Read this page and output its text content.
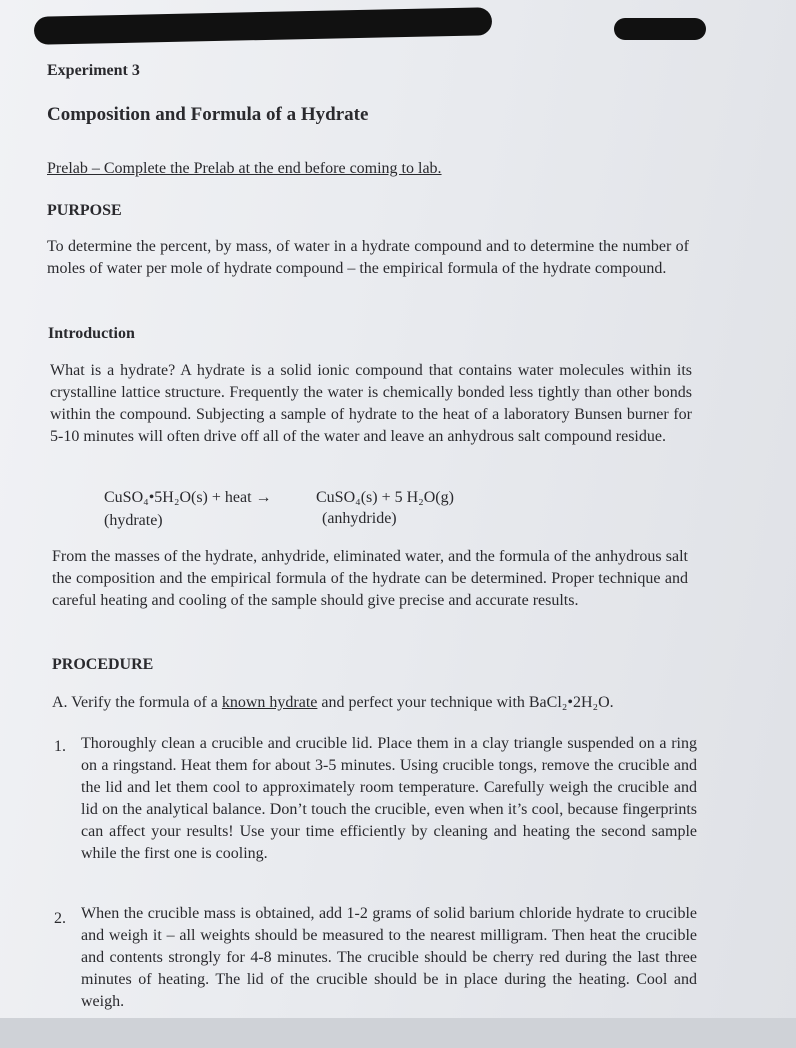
Experiment 3
Composition and Formula of a Hydrate
Prelab – Complete the Prelab at the end before coming to lab.
PURPOSE
To determine the percent, by mass, of water in a hydrate compound and to determine the number of moles of water per mole of hydrate compound – the empirical formula of the hydrate compound.
Introduction
What is a hydrate? A hydrate is a solid ionic compound that contains water molecules within its crystalline lattice structure. Frequently the water is chemically bonded less tightly than other bonds within the compound. Subjecting a sample of hydrate to the heat of a laboratory Bunsen burner for 5-10 minutes will often drive off all of the water and leave an anhydrous salt compound residue.
CuSO₄•5H₂O(s) + heat →	CuSO₄(s) + 5 H₂O(g)
(hydrate)	(anhydride)
From the masses of the hydrate, anhydride, eliminated water, and the formula of the anhydrous salt the composition and the empirical formula of the hydrate can be determined. Proper technique and careful heating and cooling of the sample should give precise and accurate results.
PROCEDURE
A. Verify the formula of a known hydrate and perfect your technique with BaCl₂•2H₂O.
1. Thoroughly clean a crucible and crucible lid. Place them in a clay triangle suspended on a ring on a ringstand. Heat them for about 3-5 minutes. Using crucible tongs, remove the crucible and the lid and let them cool to approximately room temperature. Carefully weigh the crucible and lid on the analytical balance. Don’t touch the crucible, even when it’s cool, because fingerprints can affect your results! Use your time efficiently by cleaning and heating the second sample while the first one is cooling.
2. When the crucible mass is obtained, add 1-2 grams of solid barium chloride hydrate to crucible and weigh it – all weights should be measured to the nearest milligram. Then heat the crucible and contents strongly for 4-8 minutes. The crucible should be cherry red during the last three minutes of heating. The lid of the crucible should be in place during the heating. Cool and weigh.
